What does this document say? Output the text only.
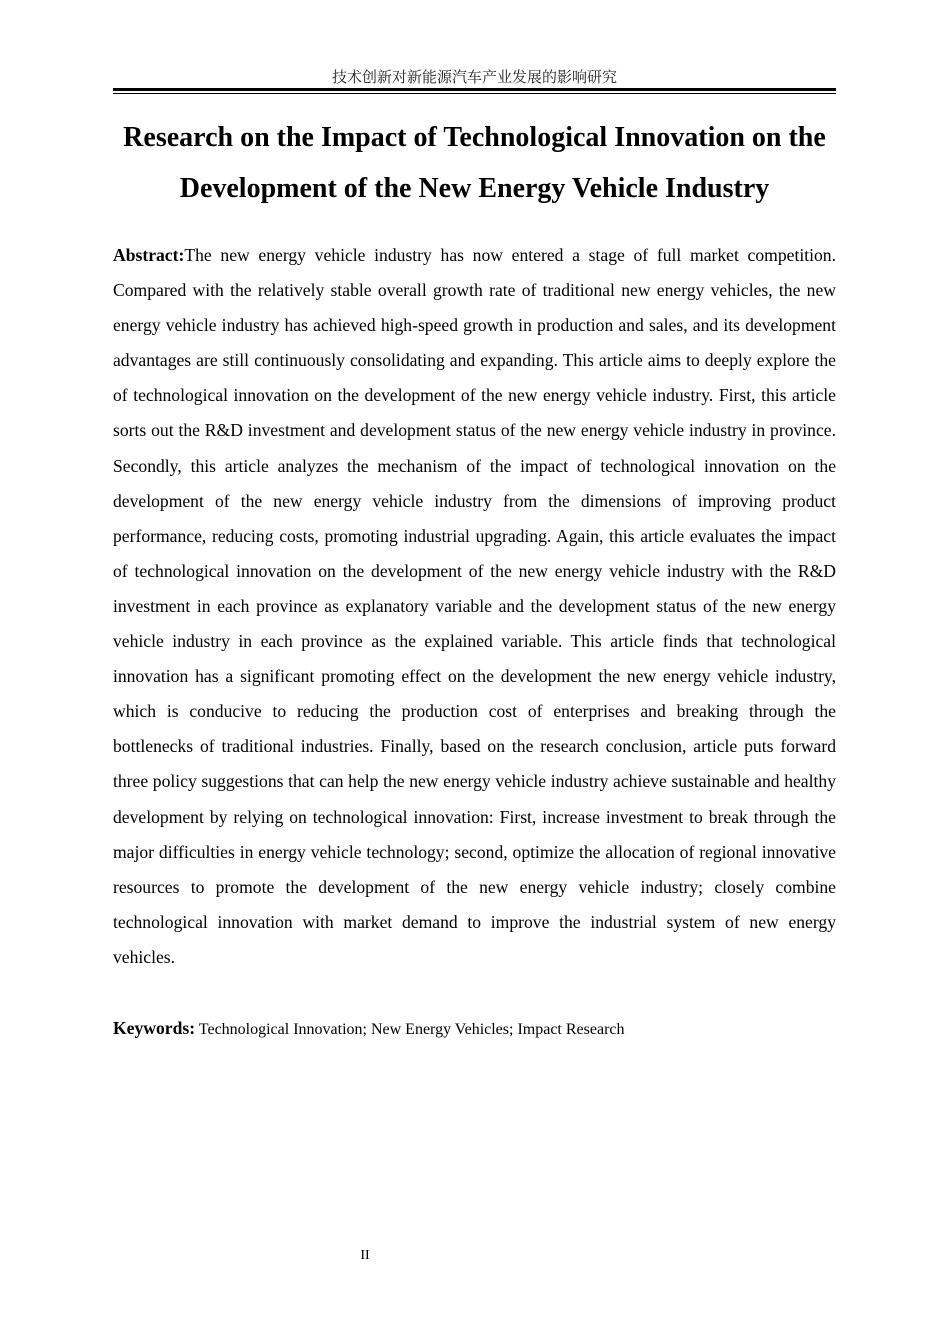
技术创新对新能源汽车产业发展的影响研究
Research on the Impact of Technological Innovation on the
Development of the New Energy Vehicle Industry

Abstract:The new energy vehicle industry has now entered a stage of full market competition. Compared with the relatively stable overall growth rate of traditional new energy vehicles, the new energy vehicle industry has achieved high-speed growth in production and sales, and its development advantages are still continuously consolidating and expanding. This article aims to deeply explore the of technological innovation on the development of the new energy vehicle industry. First, this article sorts out the R&D investment and development status of the new energy vehicle industry in province. Secondly, this article analyzes the mechanism of the impact of technological innovation on the development of the new energy vehicle industry from the dimensions of improving product performance, reducing costs, promoting industrial upgrading. Again, this article evaluates the impact of technological innovation on the development of the new energy vehicle industry with the R&D investment in each province as explanatory variable and the development status of the new energy vehicle industry in each province as the explained variable. This article finds that technological innovation has a significant promoting effect on the development the new energy vehicle industry, which is conducive to reducing the production cost of enterprises and breaking through the bottlenecks of traditional industries. Finally, based on the research conclusion, article puts forward three policy suggestions that can help the new energy vehicle industry achieve sustainable and healthy development by relying on technological innovation: First, increase investment to break through the major difficulties in energy vehicle technology; second, optimize the allocation of regional innovative resources to promote the development of the new energy vehicle industry; closely combine technological innovation with market demand to improve the industrial system of new energy vehicles.

Keywords: Technological Innovation; New Energy Vehicles; Impact Research

II
